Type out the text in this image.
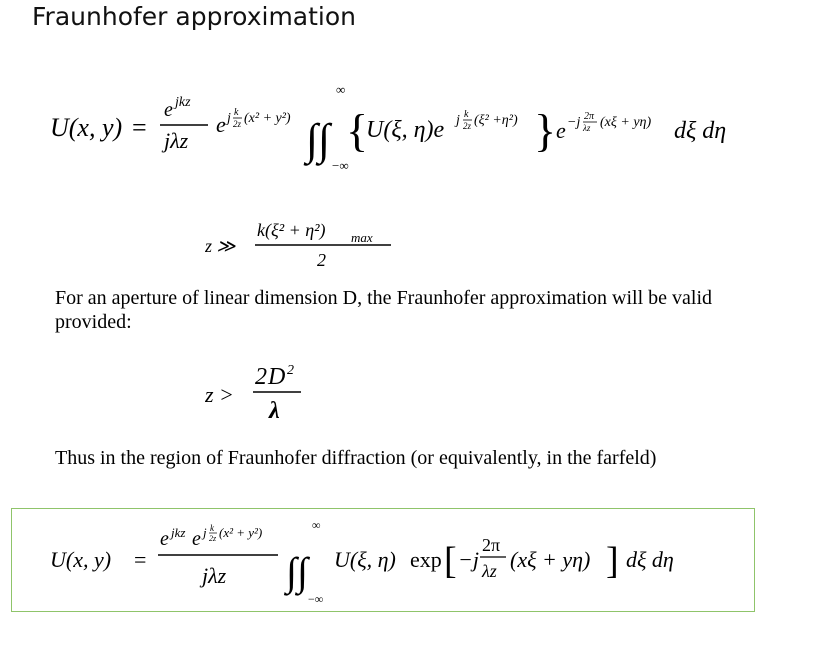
Fraunhofer approximation
U(x, y) =
e jkz
jλz
e j k
2z (x² + y²)
∞
∫∫
−∞
{
U(ξ, η)e j k
2z (ξ² +η²) } e −j 2π
λz (xξ + yη) dξ dη
z ≫
k(ξ² + η²) max
2
For an aperture of linear dimension D, the Fraunhofer approximation will be valid provided:
z >
2 D 2
λ
Thus in the region of Fraunhofer diffraction (or equivalently, in the farfeld)
U(x, y) =
e jkz e j k
2z (x² + y²)
jλz
∞
∫∫
−∞
U(ξ, η) exp [ −j
2π
λz (xξ + yη) ] dξ dη
